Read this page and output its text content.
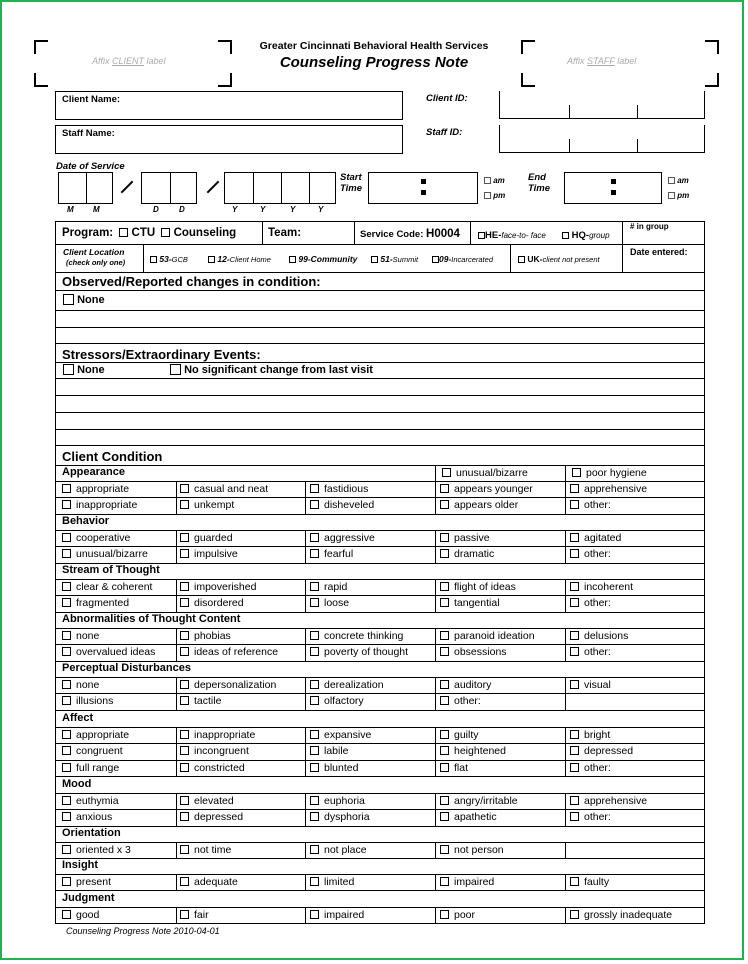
Affix CLIENT label	Affix STAFF label
Greater Cincinnati Behavioral Health Services
Counseling Progress Note
Client Name:	Client ID:
Staff Name:	Staff ID:
Date of Service
M M	D	D	Y	Y	Y	Y
Start Time
am
pm
End Time
am
pm
Program: CTU Counseling	Team:	Service Code: H0004	HE-face-to- face	HQ-group
# in group
Client Location
(check only one)	53-GCB	12-Client Home	99-Community	51-Summit	09-Incarcerated	UK-client not present
Date entered:
Observed/Reported changes in condition:
None
Stressors/Extraordinary Events:
None	No significant change from last visit
Client Condition
Appearance	unusual/bizarre	poor hygiene
appropriate	casual and neat	fastidious	appears younger	apprehensive
inappropriate	unkempt	disheveled	appears older	other:
Behavior
cooperative	guarded	aggressive	passive	agitated
unusual/bizarre	impulsive	fearful	dramatic	other:
Stream of Thought
clear & coherent	impoverished	rapid	flight of ideas	incoherent
fragmented	disordered	loose	tangential	other:
Abnormalities of Thought Content
none	phobias	concrete thinking	paranoid ideation	delusions
overvalued ideas	ideas of reference	poverty of thought	obsessions	other:
Perceptual Disturbances
none	depersonalization	derealization	auditory	visual
illusions	tactile	olfactory	other:
Affect
appropriate	inappropriate	expansive	guilty	bright
congruent	incongruent	labile	heightened	depressed
full range	constricted	blunted	flat	other:
Mood
euthymia	elevated	euphoria	angry/irritable	apprehensive
anxious	depressed	dysphoria	apathetic	other:
Orientation
oriented x 3	not time	not place	not person
Insight
present	adequate	limited	impaired	faulty
Judgment
good	fair	impaired	poor	grossly inadequate
Counseling Progress Note 2010-04-01
